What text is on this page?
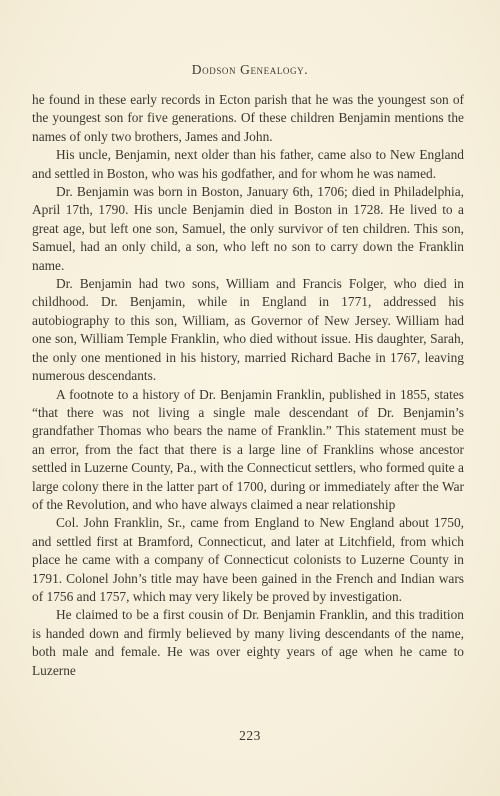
Dodson Genealogy.

he found in these early records in Ecton parish that he was the youngest son of the youngest son for five generations. Of these children Benjamin mentions the names of only two brothers, James and John.

His uncle, Benjamin, next older than his father, came also to New England and settled in Boston, who was his godfather, and for whom he was named.

Dr. Benjamin was born in Boston, January 6th, 1706; died in Philadelphia, April 17th, 1790. His uncle Benjamin died in Boston in 1728. He lived to a great age, but left one son, Samuel, the only survivor of ten children. This son, Samuel, had an only child, a son, who left no son to carry down the Franklin name.

Dr. Benjamin had two sons, William and Francis Folger, who died in childhood. Dr. Benjamin, while in England in 1771, addressed his autobiography to this son, William, as Governor of New Jersey. William had one son, William Temple Franklin, who died without issue. His daughter, Sarah, the only one mentioned in his history, married Richard Bache in 1767, leaving numerous descendants.

A footnote to a history of Dr. Benjamin Franklin, published in 1855, states “that there was not living a single male descendant of Dr. Benjamin’s grandfather Thomas who bears the name of Franklin.” This statement must be an error, from the fact that there is a large line of Franklins whose ancestor settled in Luzerne County, Pa., with the Connecticut settlers, who formed quite a large colony there in the latter part of 1700, during or immediately after the War of the Revolution, and who have always claimed a near relationship

Col. John Franklin, Sr., came from England to New England about 1750, and settled first at Bramford, Connecticut, and later at Litchfield, from which place he came with a company of Connecticut colonists to Luzerne County in 1791. Colonel John’s title may have been gained in the French and Indian wars of 1756 and 1757, which may very likely be proved by investigation.

He claimed to be a first cousin of Dr. Benjamin Franklin, and this tradition is handed down and firmly believed by many living descendants of the name, both male and female. He was over eighty years of age when he came to Luzerne

223
